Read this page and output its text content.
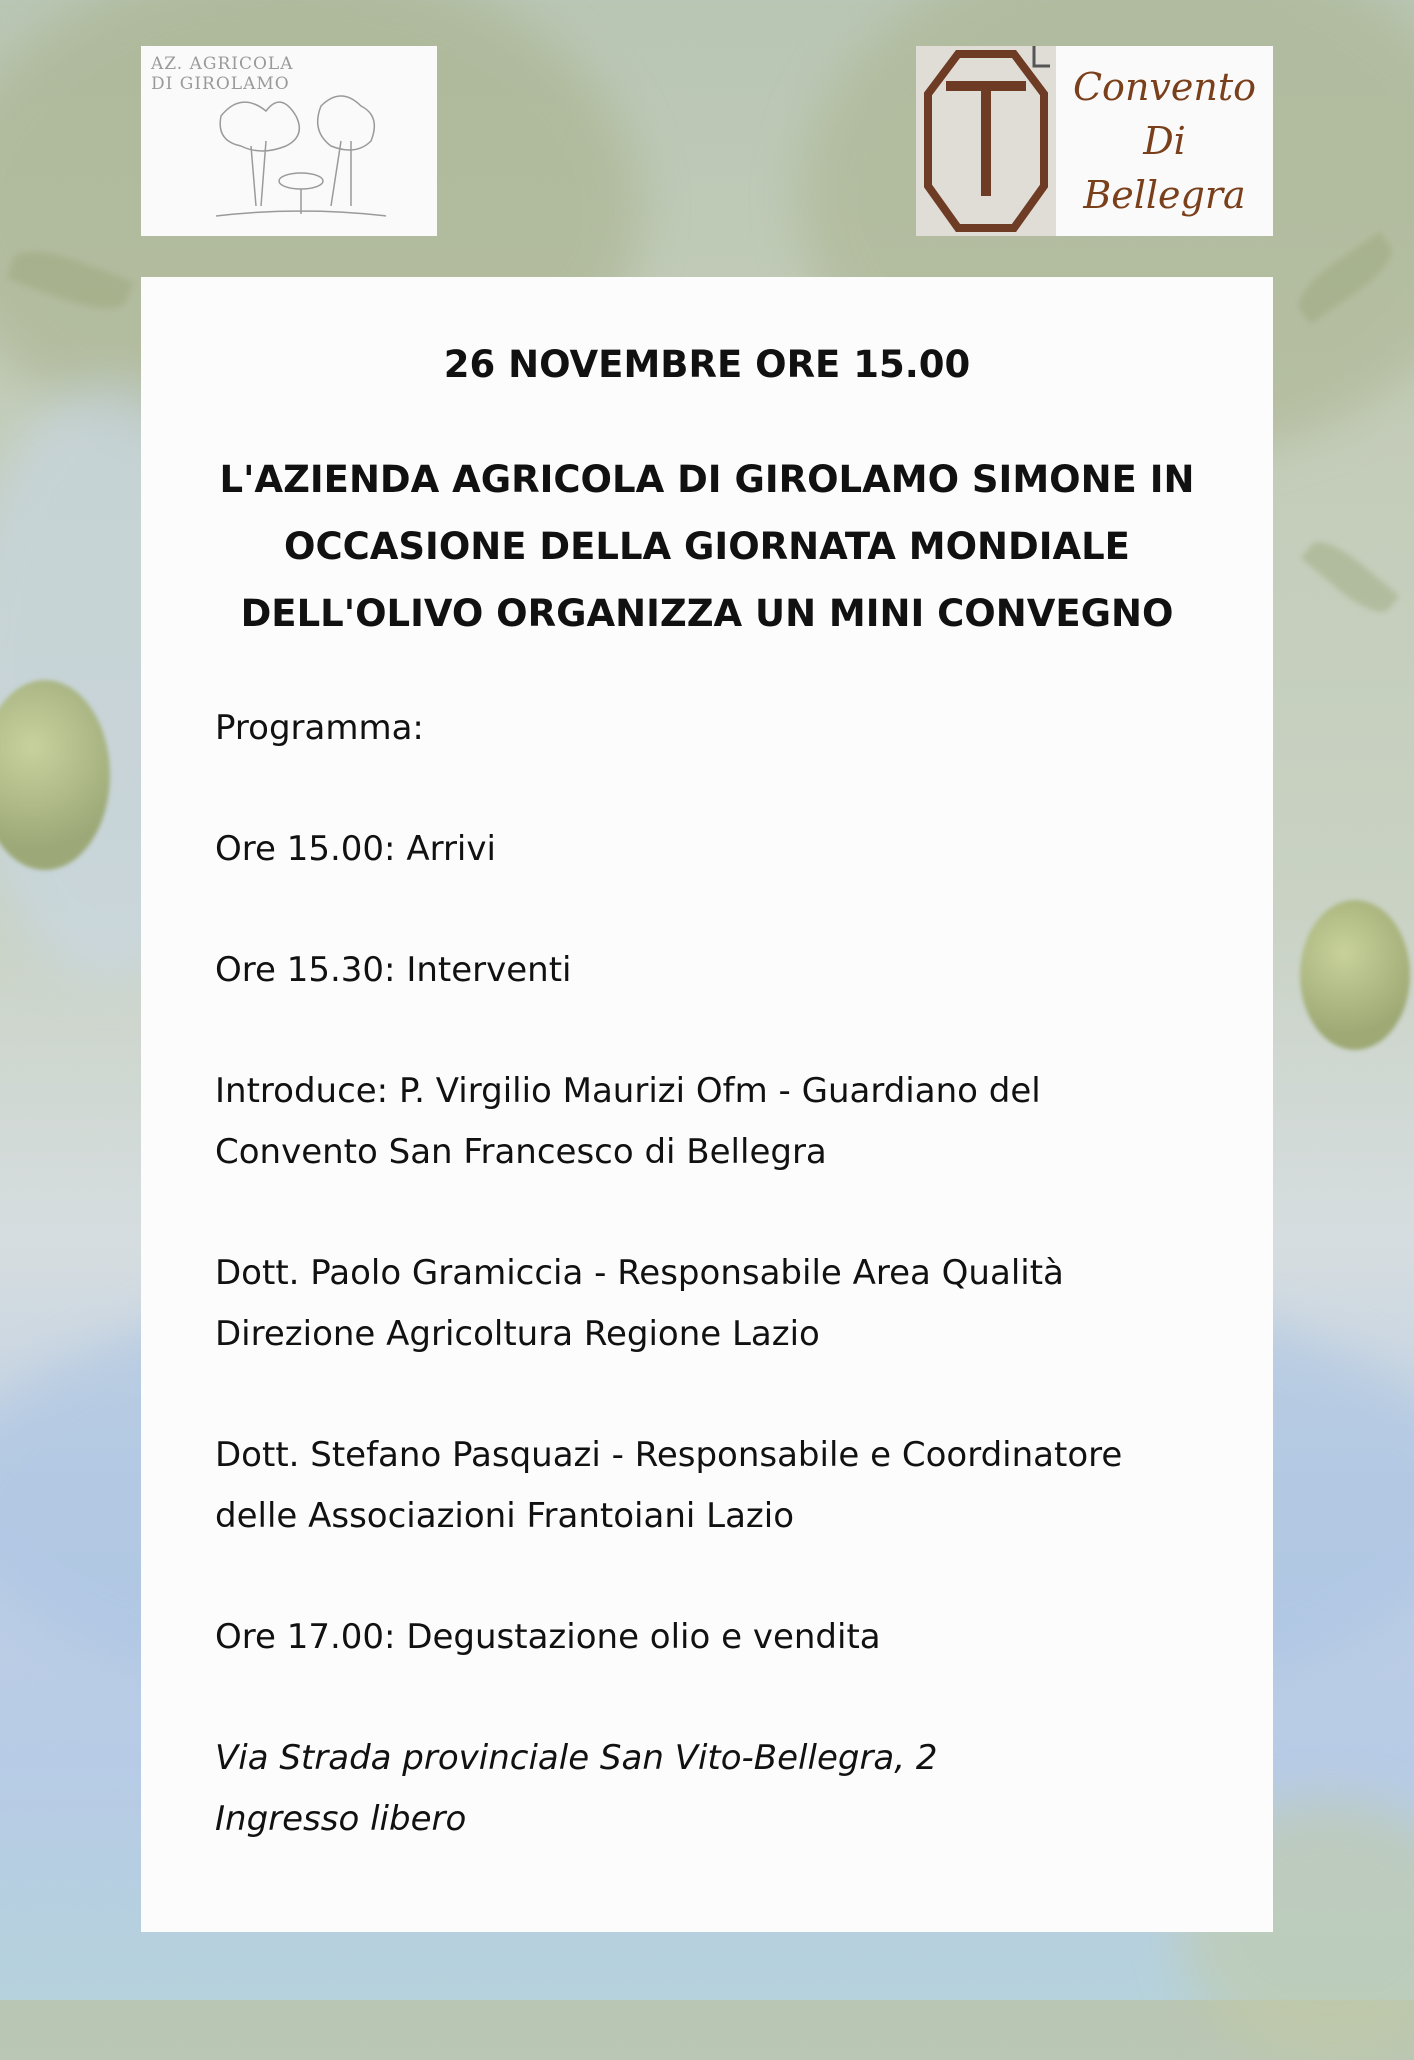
AZ. AGRICOLA
DI GIROLAMO	Convento
Di
Bellegra
26 NOVEMBRE ORE 15.00
L'AZIENDA AGRICOLA DI GIROLAMO SIMONE IN
OCCASIONE DELLA GIORNATA MONDIALE
DELL'OLIVO ORGANIZZA UN MINI CONVEGNO
Programma:
Ore 15.00: Arrivi
Ore 15.30: Interventi
Introduce: P. Virgilio Maurizi Ofm - Guardiano del
Convento San Francesco di Bellegra
Dott. Paolo Gramiccia - Responsabile Area Qualità
Direzione Agricoltura Regione Lazio
Dott. Stefano Pasquazi - Responsabile e Coordinatore
delle Associazioni Frantoiani Lazio
Ore 17.00: Degustazione olio e vendita
Via Strada provinciale San Vito-Bellegra, 2
Ingresso libero
